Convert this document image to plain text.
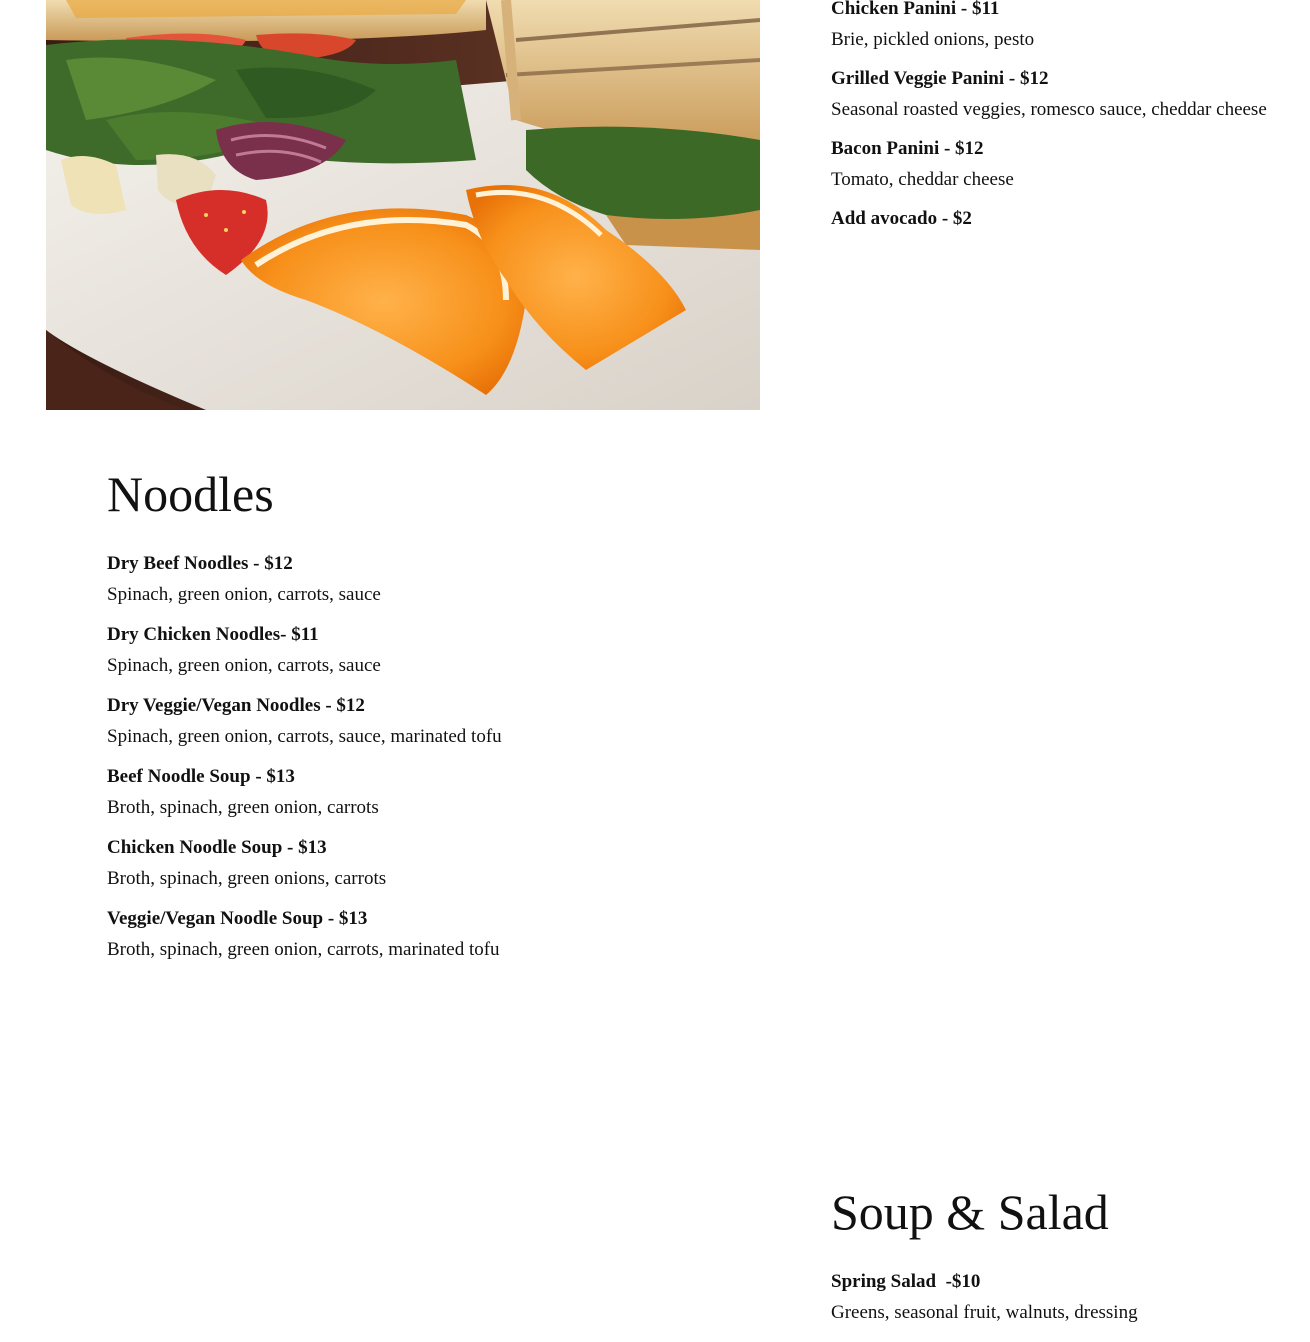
Chicken Panini - $11
Brie, pickled onions, pesto
Grilled Veggie Panini - $12
Seasonal roasted veggies, romesco sauce, cheddar cheese
Bacon Panini - $12
Tomato, cheddar cheese
Add avocado - $2
Noodles
Dry Beef Noodles - $12
Spinach, green onion, carrots, sauce
Dry Chicken Noodles- $11
Spinach, green onion, carrots, sauce
Dry Veggie/Vegan Noodles - $12
Spinach, green onion, carrots, sauce, marinated tofu
Beef Noodle Soup - $13
Broth, spinach, green onion, carrots
Chicken Noodle Soup - $13
Broth, spinach, green onions, carrots
Veggie/Vegan Noodle Soup - $13
Broth, spinach, green onion, carrots, marinated tofu
Soup & Salad
Spring Salad  -$10
Greens, seasonal fruit, walnuts, dressing
